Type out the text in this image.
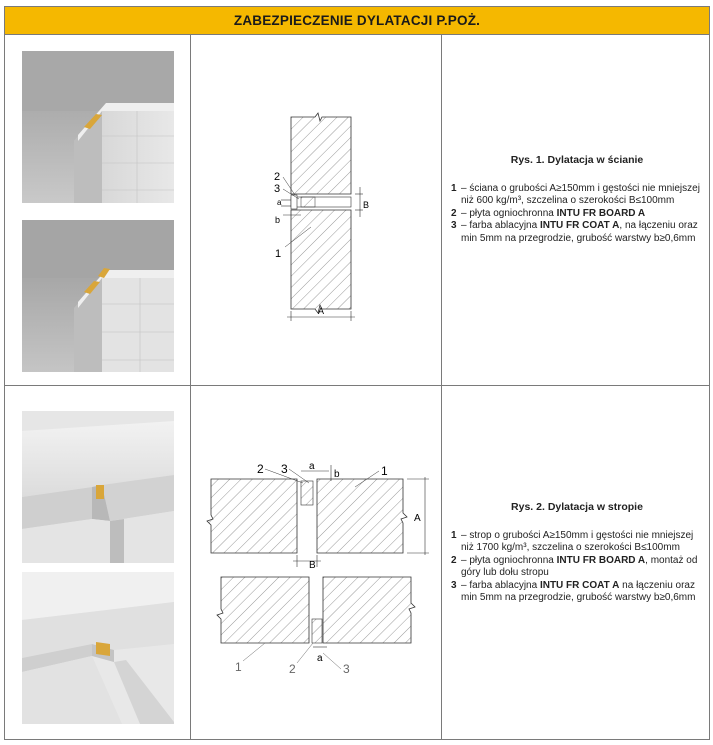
ZABEZPIECZENIE DYLATACJI P.POŻ.
B
a
b
2
3
1
A
Rys. 1. Dylatacja w ścianie
1 – ściana o grubości A≥150mm i gęstości nie mniejszej niż 600 kg/m³, szczelina o szerokości B≤100mm
2 – płyta ogniochronna INTU FR BOARD A
3 – farba ablacyjna INTU FR COAT A, na łączeniu oraz min 5mm na przegrodzie, grubość warstwy b≥0,6mm
A
B
a
b
2 3	1
1	2	3
a
Rys. 2. Dylatacja w stropie
1 – strop o grubości A≥150mm i gęstości nie mniejszej niż 1700 kg/m³, szczelina o szerokości B≤100mm
2 – płyta ogniochronna INTU FR BOARD A, montaż od góry lub dołu stropu
3 – farba ablacyjna INTU FR COAT A na łączeniu oraz min 5mm na przegrodzie, grubość warstwy b≥0,6mm
